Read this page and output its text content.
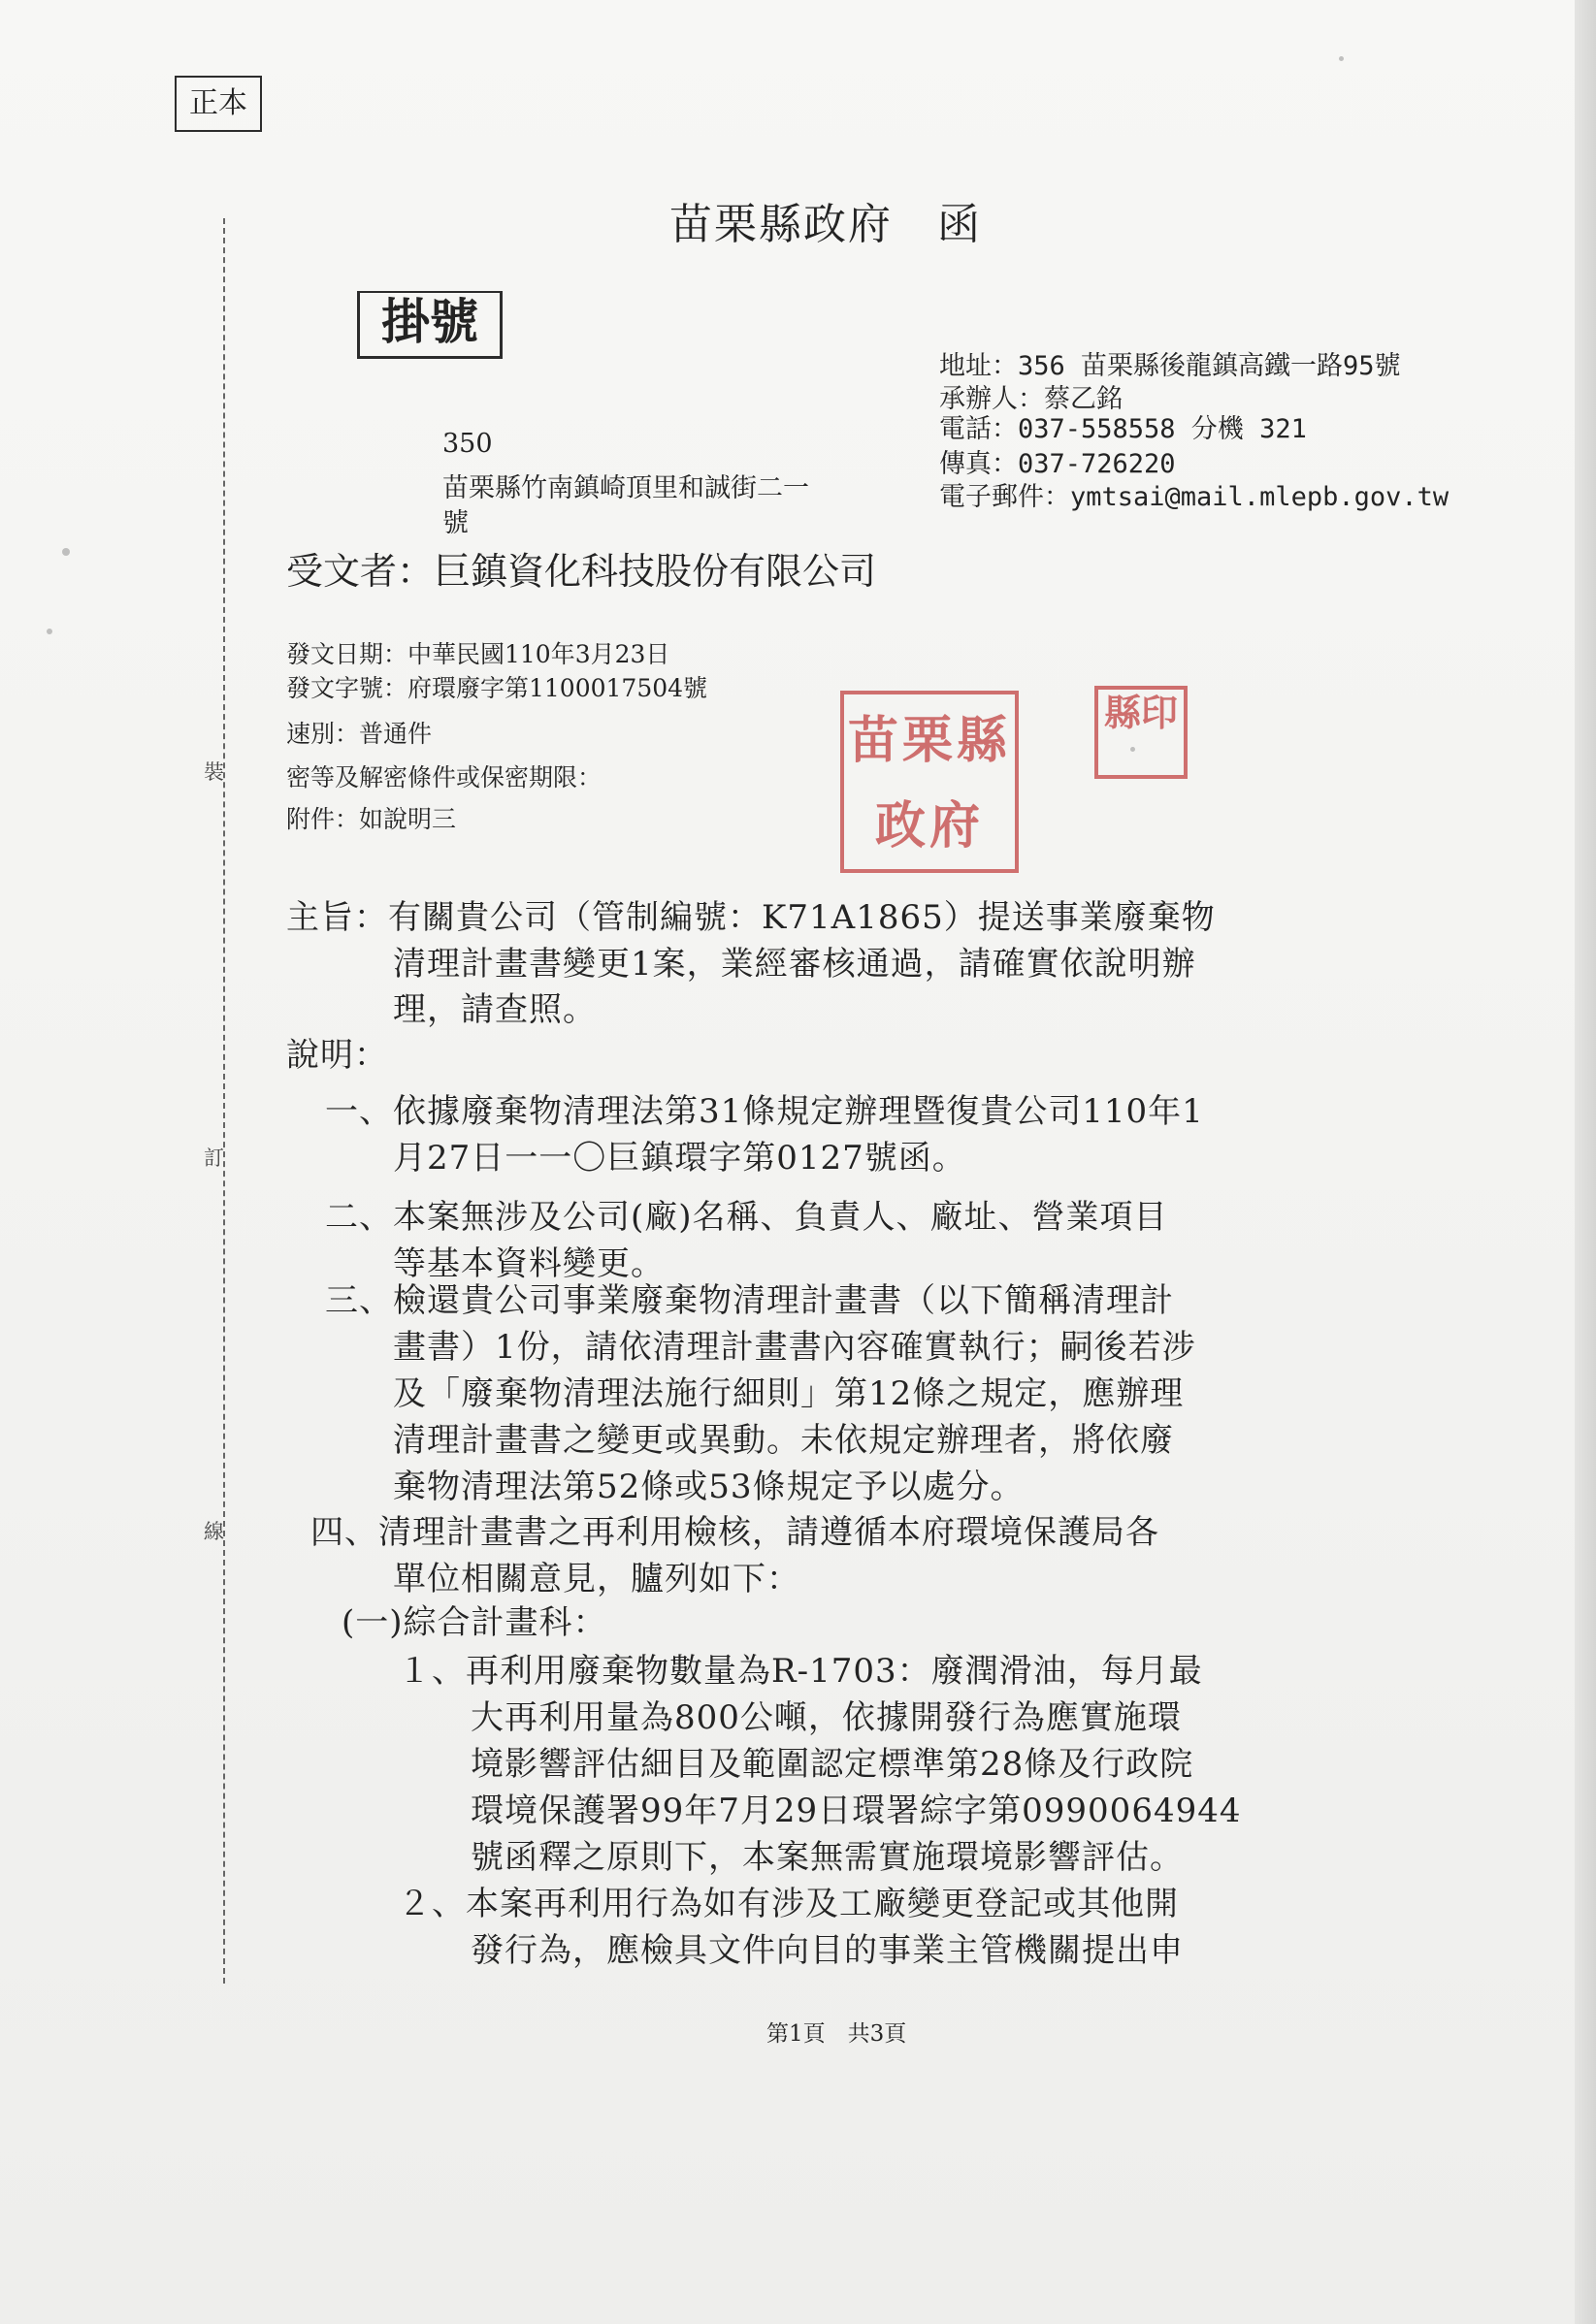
正本
苗栗縣政府　函
掛號
地址：356 苗栗縣後龍鎮高鐵一路95號
承辦人：蔡乙銘
電話：037-558558 分機 321
傳真：037-726220
電子郵件：ymtsai@mail.mlepb.gov.tw
350
苗栗縣竹南鎮崎頂里和誠街二一
號
受文者：巨鎮資化科技股份有限公司
發文日期：中華民國110年3月23日
發文字號：府環廢字第1100017504號
速別：普通件
密等及解密條件或保密期限：
附件：如說明三
苗栗縣政府
縣印
主旨：有關貴公司（管制編號：K71A1865）提送事業廢棄物
清理計畫書變更1案，業經審核通過，請確實依說明辦
理，請查照。
說明：
一、依據廢棄物清理法第31條規定辦理暨復貴公司110年1
月27日一一〇巨鎮環字第0127號函。
二、本案無涉及公司(廠)名稱、負責人、廠址、營業項目
等基本資料變更。
三、檢還貴公司事業廢棄物清理計畫書（以下簡稱清理計
畫書）1份，請依清理計畫書內容確實執行；嗣後若涉
及「廢棄物清理法施行細則」第12條之規定，應辦理
清理計畫書之變更或異動。未依規定辦理者，將依廢
棄物清理法第52條或53條規定予以處分。
四、清理計畫書之再利用檢核，請遵循本府環境保護局各
單位相關意見，臚列如下：
(一)綜合計畫科：
１、再利用廢棄物數量為R-1703：廢潤滑油，每月最
大再利用量為800公噸，依據開發行為應實施環
境影響評估細目及範圍認定標準第28條及行政院
環境保護署99年7月29日環署綜字第0990064944
號函釋之原則下，本案無需實施環境影響評估。
２、本案再利用行為如有涉及工廠變更登記或其他開
發行為，應檢具文件向目的事業主管機關提出申
裝
訂
線
第1頁　共3頁
